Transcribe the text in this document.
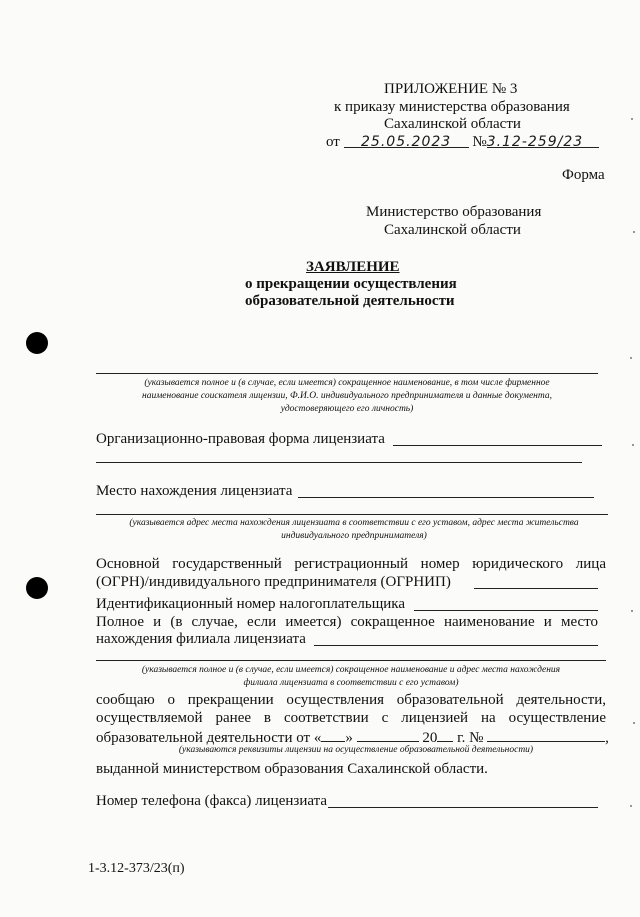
ПРИЛОЖЕНИЕ № 3
к приказу министерства образования
Сахалинской области
от 25.05.2023 №3.12-259/23
Форма
Министерство образования
Сахалинской области
ЗАЯВЛЕНИЕ
о прекращении осуществления
образовательной деятельности
(указывается полное и (в случае, если имеется) сокращенное наименование, в том числе фирменное
наименование соискателя лицензии, Ф.И.О. индивидуального предпринимателя и данные документа,
удостоверяющего его личность)
Организационно-правовая форма лицензиата
Место нахождения лицензиата
(указывается адрес места нахождения лицензиата в соответствии с его уставом, адрес места жительства
индивидуального предпринимателя)
Основной государственный регистрационный номер юридического лица
(ОГРН)/индивидуального предпринимателя (ОГРНИП)
Идентификационный номер налогоплательщика
Полное и (в случае, если имеется) сокращенное наименование и место
нахождения филиала лицензиата
(указывается полное и (в случае, если имеется) сокращенное наименование и адрес места нахождения
филиала лицензиата в соответствии с его уставом)
сообщаю о прекращении осуществления образовательной деятельности,
осуществляемой ранее в соответствии с лицензией на осуществление
образовательной деятельности от « »	20 г. №	,
(указываются реквизиты лицензии на осуществление образовательной деятельности)
выданной министерством образования Сахалинской области.
Номер телефона (факса) лицензиата
1-3.12-373/23(п)
